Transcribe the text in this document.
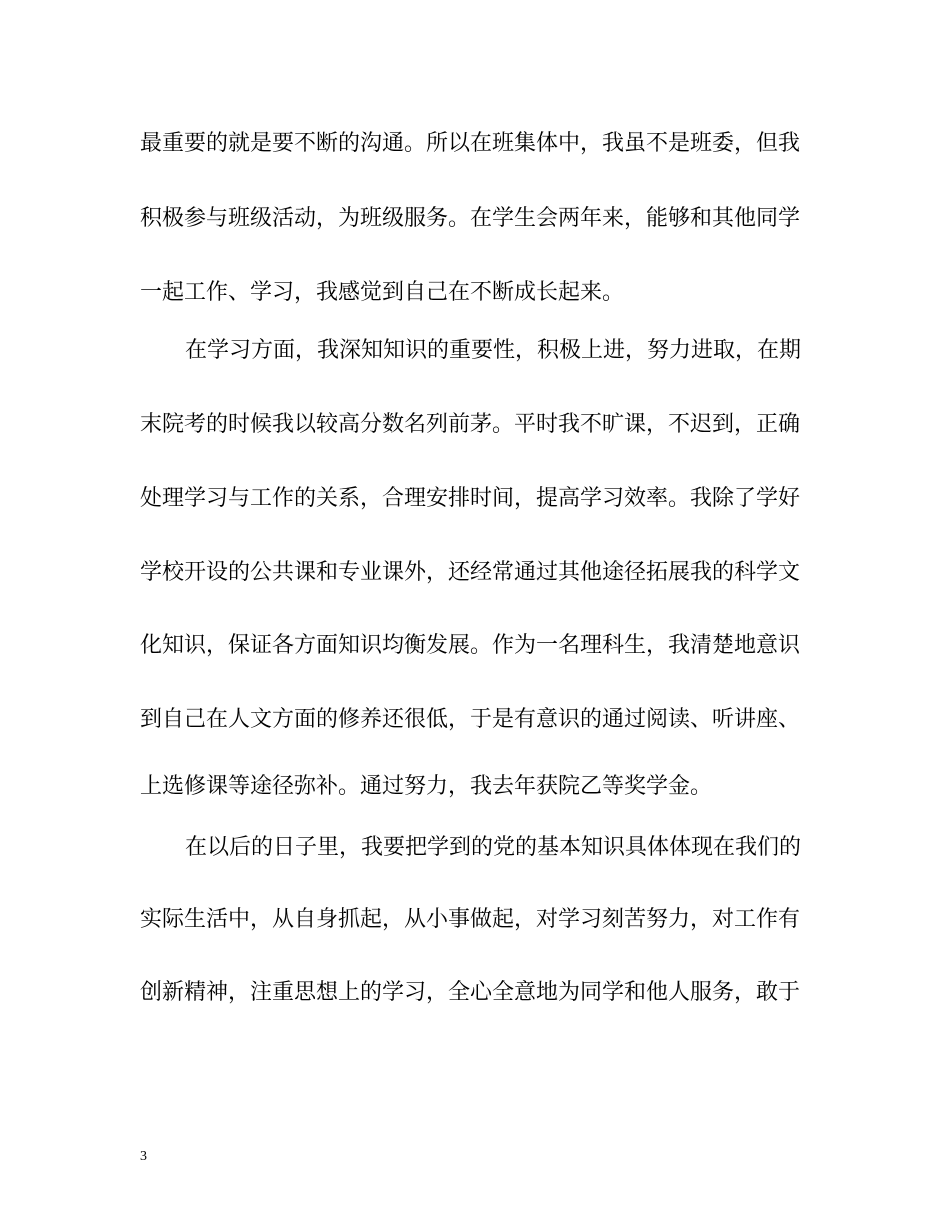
最重要的就是要不断的沟通。所以在班集体中，我虽不是班委，但我
积极参与班级活动，为班级服务。在学生会两年来，能够和其他同学
一起工作、学习，我感觉到自己在不断成长起来。
在学习方面，我深知知识的重要性，积极上进，努力进取，在期
末院考的时候我以较高分数名列前茅。平时我不旷课，不迟到，正确
处理学习与工作的关系，合理安排时间，提高学习效率。我除了学好
学校开设的公共课和专业课外，还经常通过其他途径拓展我的科学文
化知识，保证各方面知识均衡发展。作为一名理科生，我清楚地意识
到自己在人文方面的修养还很低，于是有意识的通过阅读、听讲座、
上选修课等途径弥补。通过努力，我去年获院乙等奖学金。
在以后的日子里，我要把学到的党的基本知识具体体现在我们的
实际生活中，从自身抓起，从小事做起，对学习刻苦努力，对工作有
创新精神，注重思想上的学习，全心全意地为同学和他人服务，敢于
3
